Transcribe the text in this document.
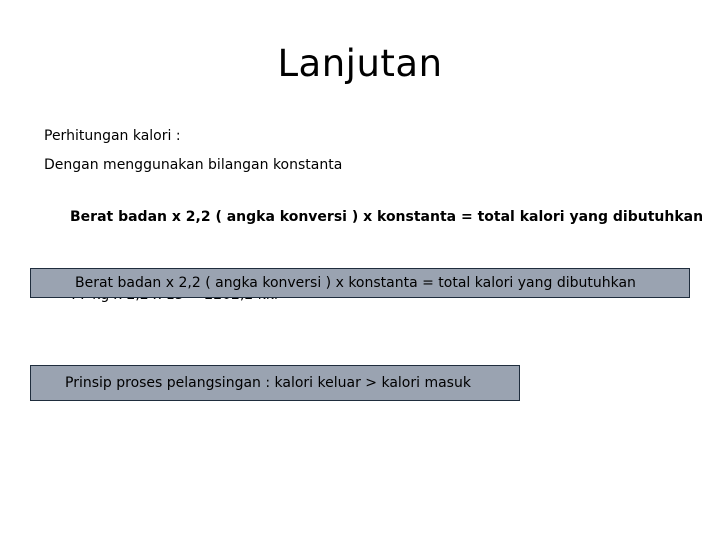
Lanjutan
Perhitungan kalori :
Dengan menggunakan bilangan konstanta
Berat badan x 2,2 ( angka konversi ) x konstanta = total kalori yang dibutuhkan
Berat badan x 2,2 ( angka konversi ) x konstanta = total kalori yang dibutuhkan
Prinsip proses pelangsingan : kalori keluar > kalori masuk
